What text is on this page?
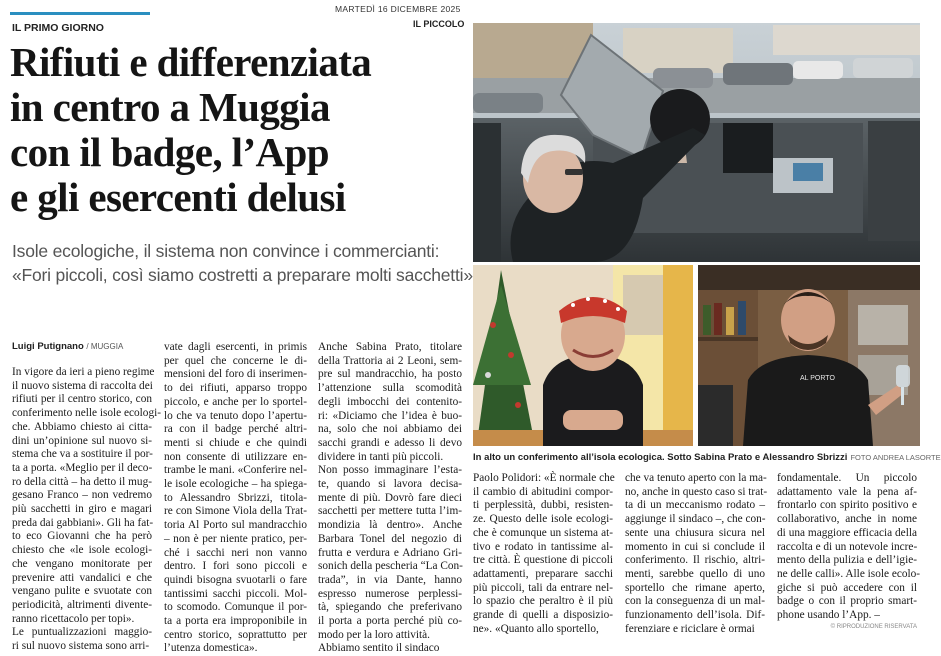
MARTEDÌ 16 DICEMBRE 2025
IL PRIMO GIORNO	IL PICCOLO
Rifiuti e differenziata
in centro a Muggia
con il badge, l’App
e gli esercenti delusi
Isole ecologiche, il sistema non convince i commercianti:
«Fori piccoli, così siamo costretti a preparare molti sacchetti»
Luigi Putignano / MUGGIA
In vigore da ieri a pieno regime
il nuovo sistema di raccolta dei
rifiuti per il centro storico, con
conferimento nelle isole ecologi-
che. Abbiamo chiesto ai citta-
dini un’opinione sul nuovo si-
stema che va a sostituire il por-
ta a porta. «Meglio per il deco-
ro della città – ha detto il mug-
gesano Franco – non vedremo
più sacchetti in giro e magari
preda dai gabbiani». Gli ha fat-
to eco Giovanni che ha però
chiesto che «le isole ecologi-
che vengano monitorate per
prevenire atti vandalici e che
vengano pulite e svuotate con
periodicità, altrimenti divente-
ranno ricettacolo per topi».
Le puntualizzazioni maggio-
ri sul nuovo sistema sono arri-
vate dagli esercenti, in primis
per quel che concerne le di-
mensioni del foro di inserimen-
to dei rifiuti, apparso troppo
piccolo, e anche per lo sportel-
lo che va tenuto dopo l’apertu-
ra con il badge perché altri-
menti si chiude e che quindi
non consente di utilizzare en-
trambe le mani. «Conferire nel-
le isole ecologiche – ha spiega-
to Alessandro Sbrizzi, titola-
re con Simone Viola della Trat-
toria Al Porto sul mandracchio
– non è per niente pratico, per-
ché i sacchi neri non vanno
dentro. I fori sono piccoli e
quindi bisogna svuotarli o fare
tantissimi sacchi piccoli. Mol-
to scomodo. Comunque il por-
ta a porta era improponibile in
centro storico, soprattutto per
l’utenza domestica».
Anche Sabina Prato, titolare
della Trattoria ai 2 Leoni, sem-
pre sul mandracchio, ha posto
l’attenzione sulla scomodità
degli imbocchi dei contenito-
ri: «Diciamo che l’idea è buo-
na, solo che noi abbiamo dei
sacchi grandi e adesso li devo
dividere in tanti più piccoli.
Non posso immaginare l’esta-
te, quando si lavora decisa-
mente di più. Dovrò fare dieci
sacchetti per mettere tutta l’im-
mondizia là dentro». Anche
Barbara Tonel del negozio di
frutta e verdura e Adriano Gri-
sonich della pescheria “La Con-
trada”, in via Dante, hanno
espresso numerose perplessi-
tà, spiegando che preferivano
il porta a porta perché più co-
modo per la loro attività.
Abbiamo sentito il sindaco
Paolo Polidori: «È normale che
il cambio di abitudini compor-
ti perplessità, dubbi, resisten-
ze. Questo delle isole ecologi-
che è comunque un sistema at-
tivo e rodato in tantissime al-
tre città. È questione di piccoli
adattamenti, preparare sacchi
più piccoli, tali da entrare nel-
lo spazio che peraltro è il più
grande di quelli a disposizio-
ne». «Quanto allo sportello,
che va tenuto aperto con la ma-
no, anche in questo caso si trat-
ta di un meccanismo rodato –
aggiunge il sindaco –, che con-
sente una chiusura sicura nel
momento in cui si conclude il
conferimento. Il rischio, altri-
menti, sarebbe quello di uno
sportello che rimane aperto,
con la conseguenza di un mal-
funzionamento dell’isola. Dif-
ferenziare e riciclare è ormai
fondamentale. Un piccolo
adattamento vale la pena af-
frontarlo con spirito positivo e
collaborativo, anche in nome
di una maggiore efficacia della
raccolta e di un notevole incre-
mento della pulizia e dell’igie-
ne delle calli». Alle isole ecolo-
giche si può accedere con il
badge o con il proprio smart-
phone usando l’App. –
AL PORTO
In alto un conferimento all’isola ecologica. Sotto Sabina Prato e Alessandro Sbrizzi FOTO ANDREA LASORTE
© RIPRODUZIONE RISERVATA
